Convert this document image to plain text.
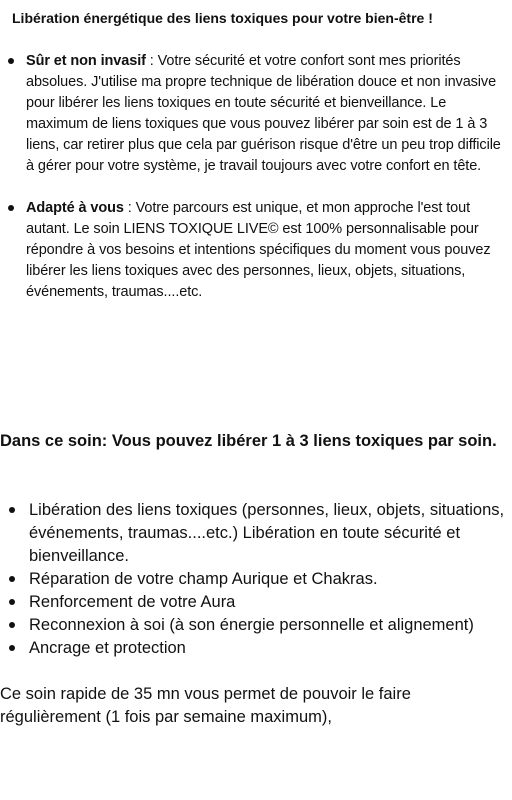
Libération énergétique des liens toxiques pour votre bien-être !
Sûr et non invasif : Votre sécurité et votre confort sont mes priorités absolues. J'utilise ma propre technique de libération douce et non invasive pour libérer les liens toxiques en toute sécurité et bienveillance. Le maximum de liens toxiques que vous pouvez libérer par soin est de 1 à 3 liens, car retirer plus que cela par guérison risque d'être un peu trop difficile à gérer pour votre système, je travail toujours avec votre confort en tête.
Adapté à vous : Votre parcours est unique, et mon approche l'est tout autant. Le soin LIENS TOXIQUE LIVE© est 100% personnalisable pour répondre à vos besoins et intentions spécifiques du moment vous pouvez libérer les liens toxiques avec des personnes, lieux, objets, situations, événements, traumas....etc.
Dans ce soin: Vous pouvez libérer 1 à 3 liens toxiques par soin.
Libération des liens toxiques (personnes, lieux, objets, situations, événements, traumas....etc.) Libération en toute sécurité et bienveillance.
Réparation de votre champ Aurique et Chakras.
Renforcement de votre Aura
Reconnexion à soi (à son énergie personnelle et alignement)
Ancrage et protection
Ce soin rapide de 35 mn vous permet de pouvoir le faire régulièrement (1 fois par semaine maximum),
